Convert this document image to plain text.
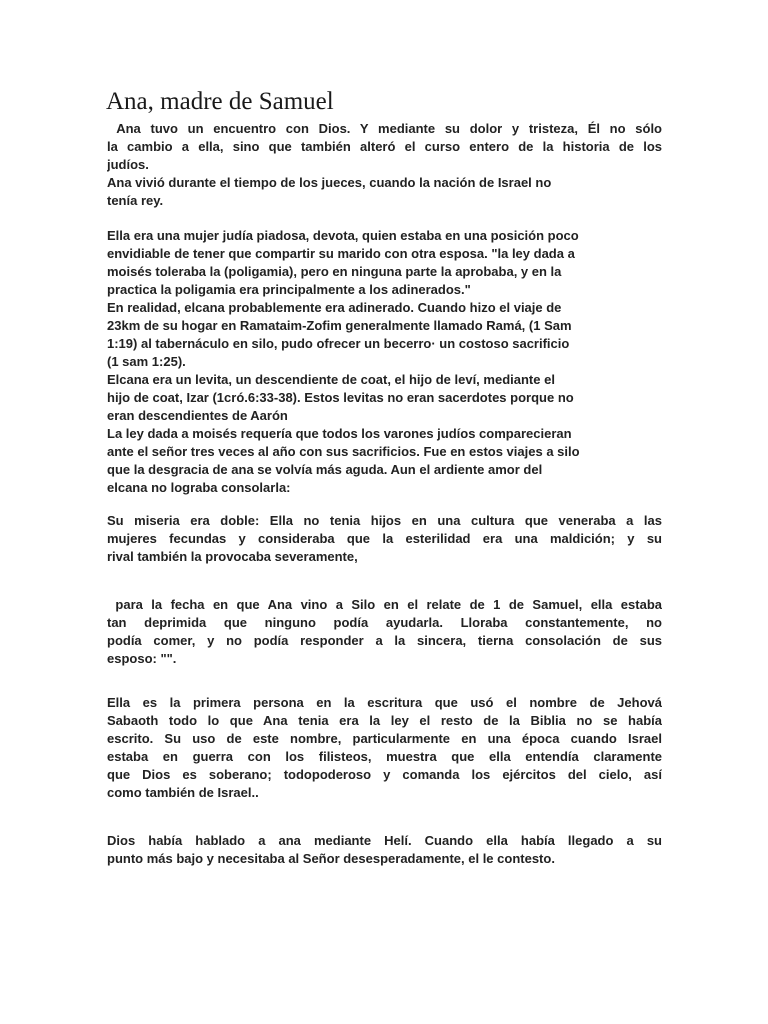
Ana, madre de Samuel
Ana tuvo un encuentro con Dios. Y mediante su dolor y tristeza, Él no sólo
la cambio a ella, sino que también alteró el curso entero de la historia de los
judíos.
Ana vivió durante el tiempo de los jueces, cuando la nación de Israel no
tenía rey.
Ella era una mujer judía piadosa, devota, quien estaba en una posición poco
envidiable de tener que compartir su marido con otra esposa. "la ley dada a
moisés toleraba la (poligamia), pero en ninguna parte la aprobaba, y en la
practica la poligamia era principalmente a los adinerados."
En realidad, elcana probablemente era adinerado. Cuando hizo el viaje de
23km de su hogar en Ramataim-Zofim generalmente llamado Ramá, (1 Sam
1:19) al tabernáculo en silo, pudo ofrecer un becerro· un costoso sacrificio
(1 sam 1:25).
Elcana era un levita, un descendiente de coat, el hijo de leví, mediante el
hijo de coat, Izar (1cró.6:33-38). Estos levitas no eran sacerdotes porque no
eran descendientes de Aarón
La ley dada a moisés requería que todos los varones judíos comparecieran
ante el señor tres veces al año con sus sacrificios. Fue en estos viajes a silo
que la desgracia de ana se volvía más aguda. Aun el ardiente amor del
elcana no lograba consolarla:
Su miseria era doble: Ella no tenia hijos en una cultura que veneraba a las
mujeres fecundas y consideraba que la esterilidad era una maldición; y su
rival también la provocaba severamente,
para la fecha en que Ana vino a Silo en el relate de 1 de Samuel, ella estaba
tan deprimida que ninguno podía ayudarla. Lloraba constantemente, no
podía comer, y no podía responder a la sincera, tierna consolación de sus
esposo: "".
Ella es la primera persona en la escritura que usó el nombre de Jehová
Sabaoth todo lo que Ana tenia era la ley el resto de la Biblia no se había
escrito. Su uso de este nombre, particularmente en una época cuando Israel
estaba en guerra con los filisteos, muestra que ella entendía claramente
que Dios es soberano; todopoderoso y comanda los ejércitos del cielo, así
como también de Israel..
Dios había hablado a ana mediante Helí. Cuando ella había llegado a su
punto más bajo y necesitaba al Señor desesperadamente, el le contesto.
